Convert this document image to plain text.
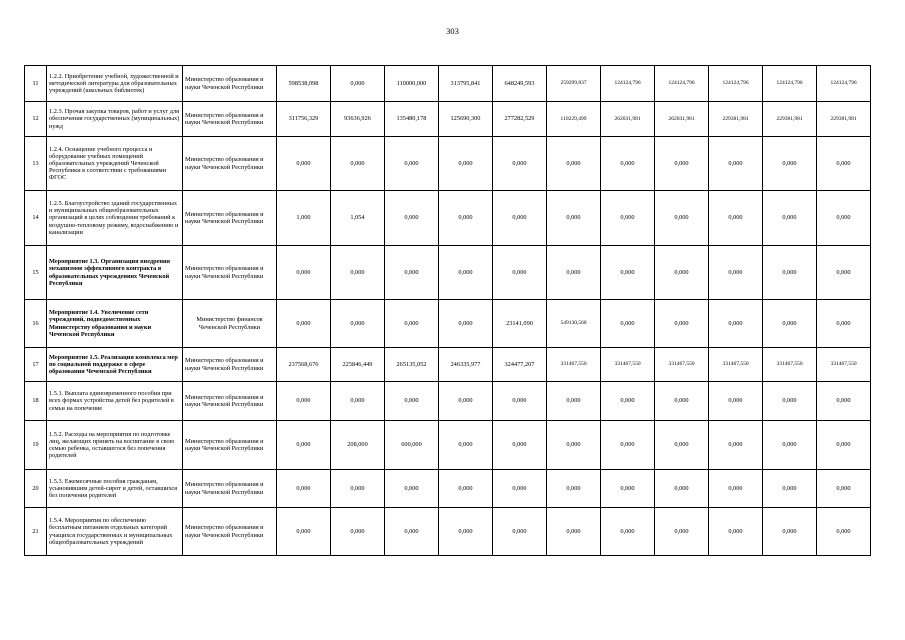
303
11	1.2.2. Приобретение учебной, художественной и методической литературы для образовательных учреждений (школьных библиотек)	Министерство образования и науки Чеченской Республики	598538,098	0,000	110000,000	313795,841	648249,593	259299,837	124124,796	124124,796	124124,796	124124,796	124124,796
12	1.2.3. Прочая закупка товаров, работ и услуг для обеспечения государственных (муниципальных) нужд	Министерство образования и науки Чеченской Республики	311756,329	93636,926	135480,178	125690,300	277282,529	110229,499	262031,981	262031,981	229381,981	229381,981	229381,981
13	1.2.4. Оснащение учебного процесса и оборудование учебных помещений образовательных учреждений Чеченской Республики в соответствии с требованиями ФГОС	Министерство образования и науки Чеченской Республики	0,000	0,000	0,000	0,000	0,000	0,000	0,000	0,000	0,000	0,000	0,000
14	1.2.5. Благоустройство зданий государственных и муниципальных общеобразовательных организаций в целях соблюдения требований к воздушно-тепловому режиму, водоснабжению и канализации	Министерство образования и науки Чеченской Республики	1,000	1,054	0,000	0,000	0,000	0,000	0,000	0,000	0,000	0,000	0,000
15	Мероприятие 1.3. Организация внедрения механизмов эффективного контракта в образовательных учреждениях Чеченской Республики	Министерство образования и науки Чеченской Республики	0,000	0,000	0,000	0,000	0,000	0,000	0,000	0,000	0,000	0,000	0,000
16	Мероприятие 1.4. Увеличение сети учреждений, подведомственных Министерству образования и науки Чеченской Республики	Министерство финансов Чеченской Республики	0,000	0,000	0,000	0,000	23141,090	549130,568	0,000	0,000	0,000	0,000	0,000
17	Мероприятие 1.5. Реализация комплекса мер по социальной поддержке в сфере образования Чеченской Республики	Министерство образования и науки Чеченской Республики	237568,676	225846,449	265135,052	246335,977	324477,207	331467,550	331467,550	331467,550	331467,550	331467,550	331467,550
18	1.5.1. Выплата единовременного пособия при всех формах устройства детей без родителей в семьи на попечение	Министерство образования и науки Чеченской Республики	0,000	0,000	0,000	0,000	0,000	0,000	0,000	0,000	0,000	0,000	0,000
19	1.5.2. Расходы на мероприятия по подготовке лиц, желающих принять на воспитание в свою семью ребенка, оставшегося без попечения родителей	Министерство образования и науки Чеченской Республики	0,000	208,000	600,000	0,000	0,000	0,000	0,000	0,000	0,000	0,000	0,000
20	1.5.3. Ежемесячные пособия гражданам, усыновившим детей-сирот и детей, оставшихся без попечения родителей	Министерство образования и науки Чеченской Республики	0,000	0,000	0,000	0,000	0,000	0,000	0,000	0,000	0,000	0,000	0,000
21	1.5.4. Мероприятия по обеспечению бесплатным питанием отдельных категорий учащихся государственных и муниципальных общеобразовательных учреждений	Министерство образования и науки Чеченской Республики	0,000	0,000	0,000	0,000	0,000	0,000	0,000	0,000	0,000	0,000	0,000
